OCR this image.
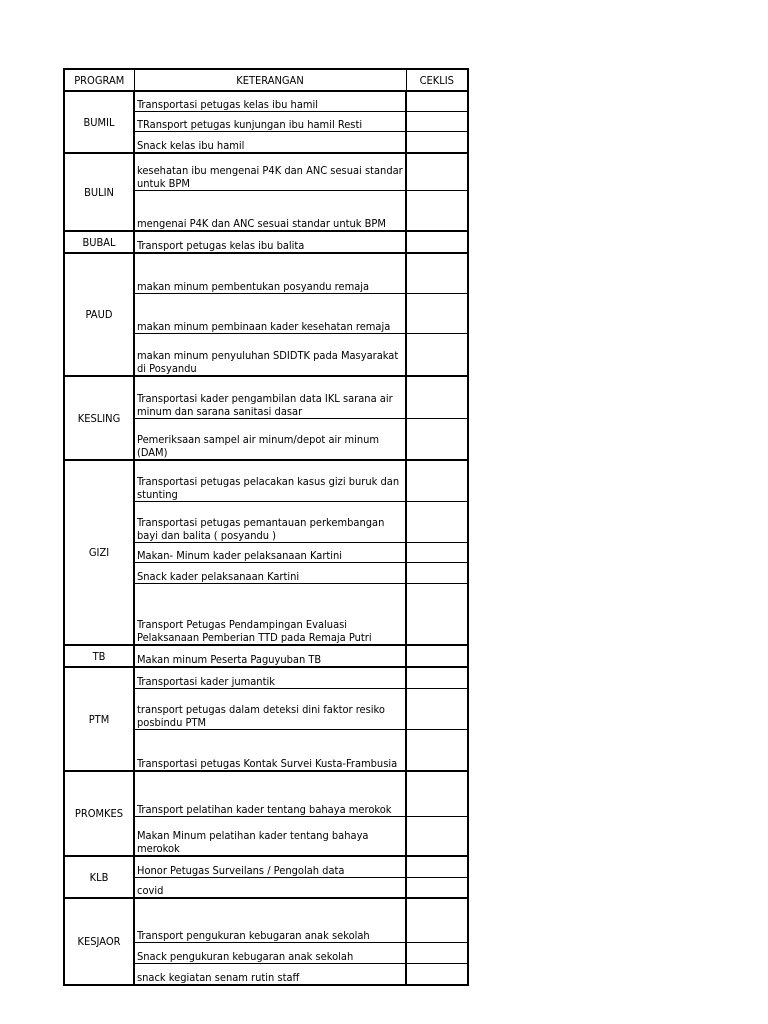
PROGRAM	KETERANGAN	CEKLIS
BUMIL	Transportasi petugas kelas ibu hamil	
	TRansport petugas kunjungan ibu hamil Resti	
	Snack kelas ibu hamil	
BULIN	kesehatan ibu mengenai P4K dan ANC sesuai standar untuk BPM	
	mengenai P4K dan ANC sesuai standar untuk BPM	
BUBAL	Transport petugas kelas ibu balita	
PAUD	makan minum pembentukan posyandu remaja	
	makan minum pembinaan kader kesehatan remaja	
	makan minum penyuluhan SDIDTK pada Masyarakat di Posyandu	
KESLING	Transportasi kader pengambilan data IKL sarana air minum dan sarana sanitasi dasar	
	Pemeriksaan sampel air minum/depot air minum (DAM)	
GIZI	Transportasi petugas pelacakan kasus gizi buruk dan stunting	
	Transportasi petugas pemantauan perkembangan bayi dan balita ( posyandu )	
	Makan- Minum kader pelaksanaan Kartini	
	Snack kader pelaksanaan Kartini	
	Transport Petugas Pendampingan Evaluasi Pelaksanaan Pemberian TTD pada Remaja Putri	
TB	Makan minum Peserta Paguyuban TB	
PTM	Transportasi kader jumantik	
	transport petugas dalam deteksi dini faktor resiko posbindu PTM	
	Transportasi petugas Kontak Survei Kusta-Frambusia	
PROMKES	Transport pelatihan kader tentang bahaya merokok	
	Makan Minum pelatihan kader tentang bahaya merokok	
KLB	Honor Petugas Surveilans / Pengolah data	
	covid	
KESJAOR	Transport pengukuran kebugaran anak sekolah	
	Snack pengukuran kebugaran anak sekolah	
	snack kegiatan senam rutin staff	
